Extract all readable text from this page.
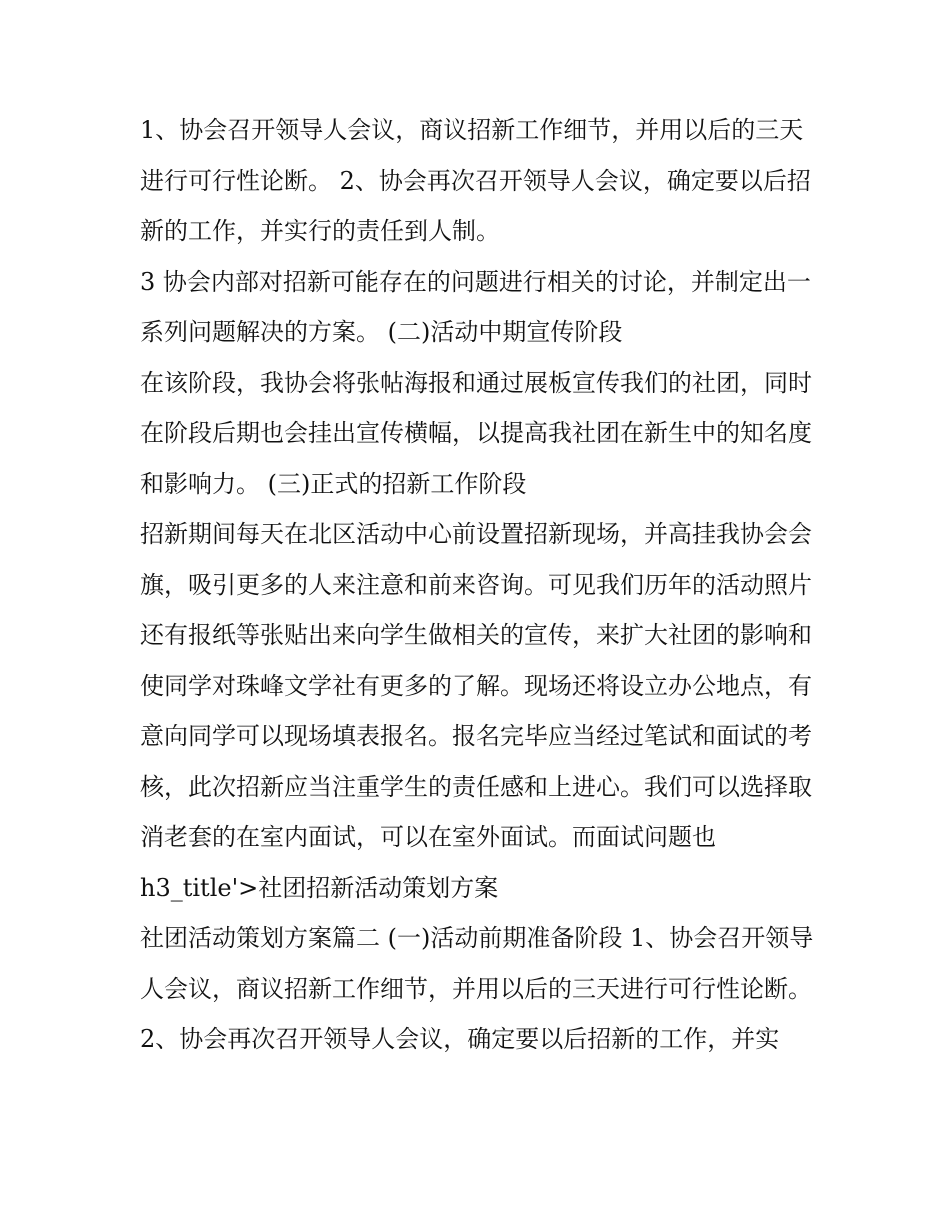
1、协会召开领导人会议，商议招新工作细节，并用以后的三天进行可行性论断。 2、协会再次召开领导人会议，确定要以后招新的工作，并实行的责任到人制。

3 协会内部对招新可能存在的问题进行相关的讨论，并制定出一系列问题解决的方案。 (二)活动中期宣传阶段

在该阶段，我协会将张帖海报和通过展板宣传我们的社团，同时在阶段后期也会挂出宣传横幅，以提高我社团在新生中的知名度和影响力。 (三)正式的招新工作阶段

招新期间每天在北区活动中心前设置招新现场，并高挂我协会会旗，吸引更多的人来注意和前来咨询。可见我们历年的活动照片还有报纸等张贴出来向学生做相关的宣传，来扩大社团的影响和使同学对珠峰文学社有更多的了解。现场还将设立办公地点，有意向同学可以现场填表报名。报名完毕应当经过笔试和面试的考核，此次招新应当注重学生的责任感和上进心。我们可以选择取消老套的在室内面试，可以在室外面试。而面试问题也 h3_title'>社团招新活动策划方案

社团活动策划方案篇二 (一)活动前期准备阶段 1、协会召开领导人会议，商议招新工作细节，并用以后的三天进行可行性论断。

2、协会再次召开领导人会议，确定要以后招新的工作，并实
